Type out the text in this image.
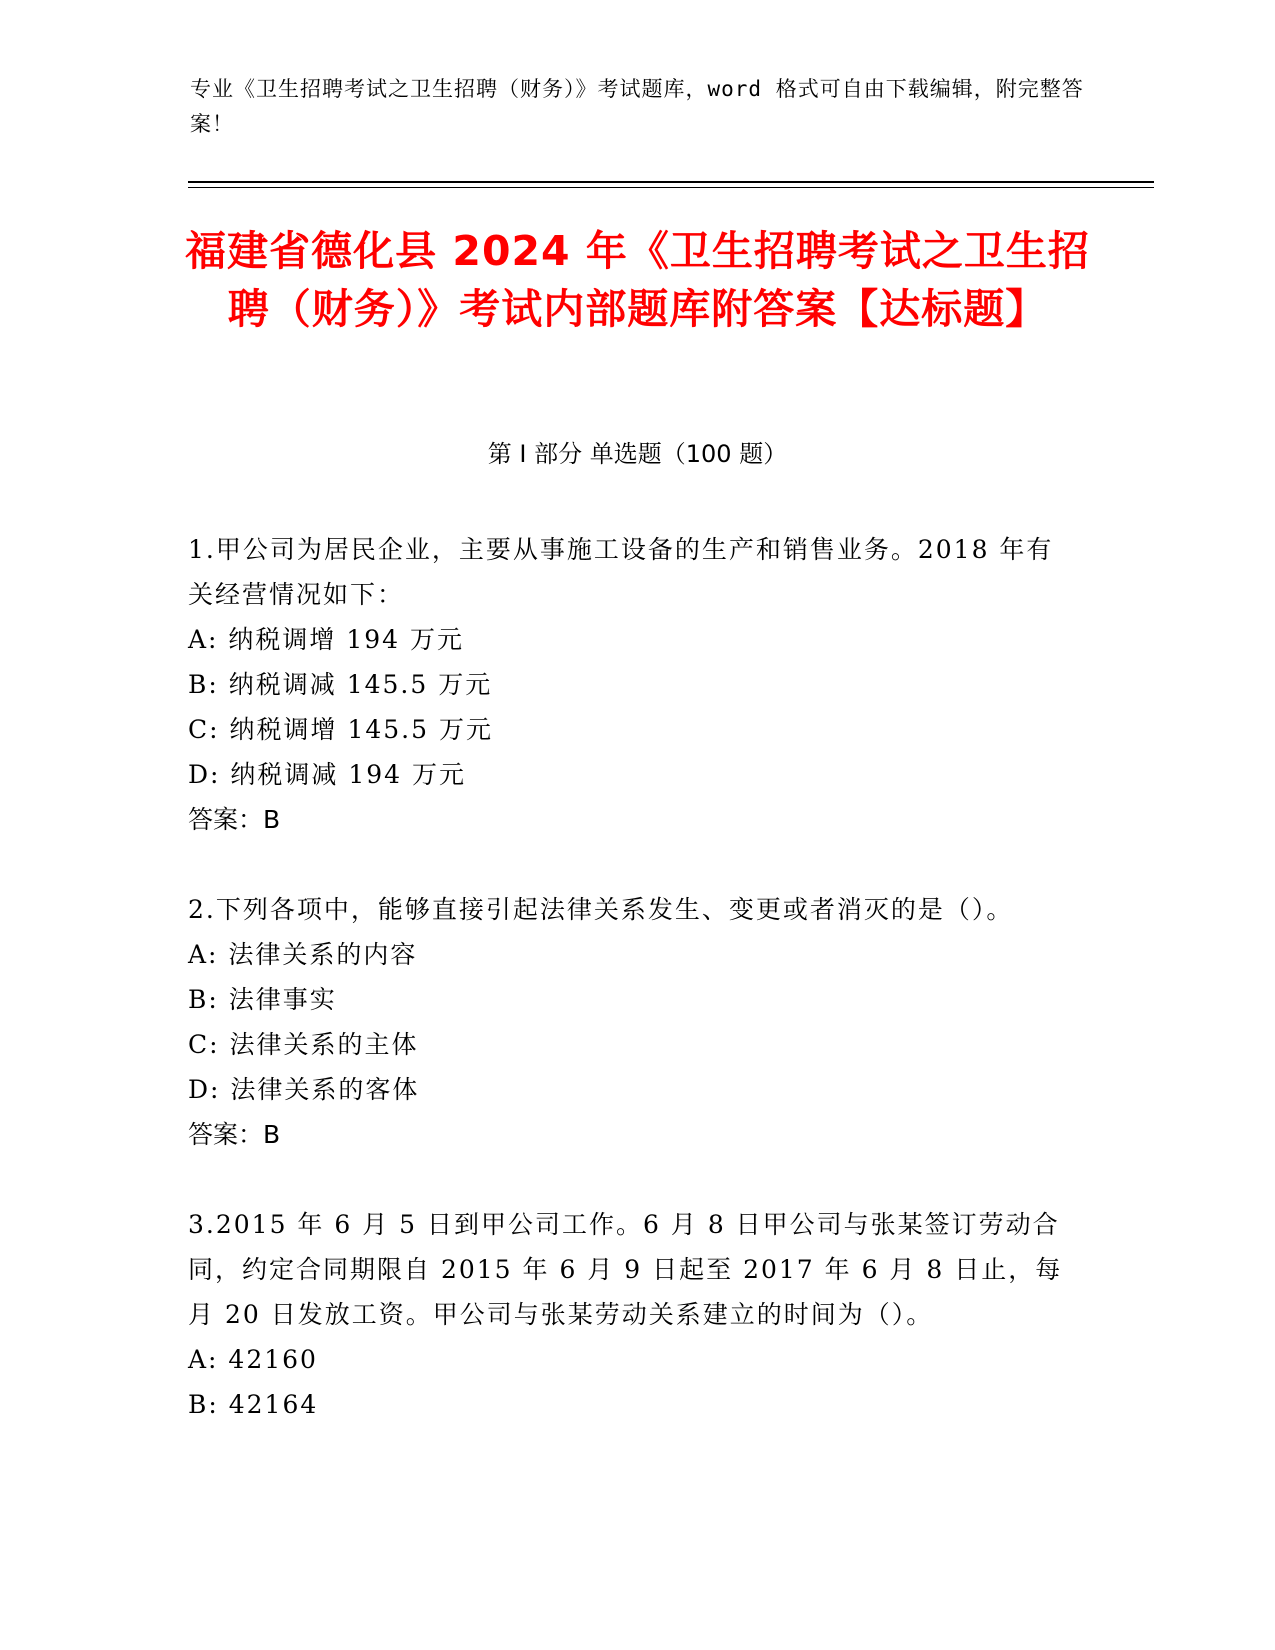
专业《卫生招聘考试之卫生招聘（财务）》考试题库，word 格式可自由下载编辑，附完整答案！
福建省德化县 2024 年《卫生招聘考试之卫生招聘（财务）》考试内部题库附答案【达标题】
第 I 部分 单选题（100 题）
1.甲公司为居民企业，主要从事施工设备的生产和销售业务。2018 年有关经营情况如下：
A: 纳税调增 194 万元
B: 纳税调减 145.5 万元
C: 纳税调增 145.5 万元
D: 纳税调减 194 万元
答案：B
2.下列各项中，能够直接引起法律关系发生、变更或者消灭的是（）。
A: 法律关系的内容
B: 法律事实
C: 法律关系的主体
D: 法律关系的客体
答案：B
3.2015 年 6 月 5 日到甲公司工作。6 月 8 日甲公司与张某签订劳动合同，约定合同期限自 2015 年 6 月 9 日起至 2017 年 6 月 8 日止，每月 20 日发放工资。甲公司与张某劳动关系建立的时间为（）。
A: 42160
B: 42164
